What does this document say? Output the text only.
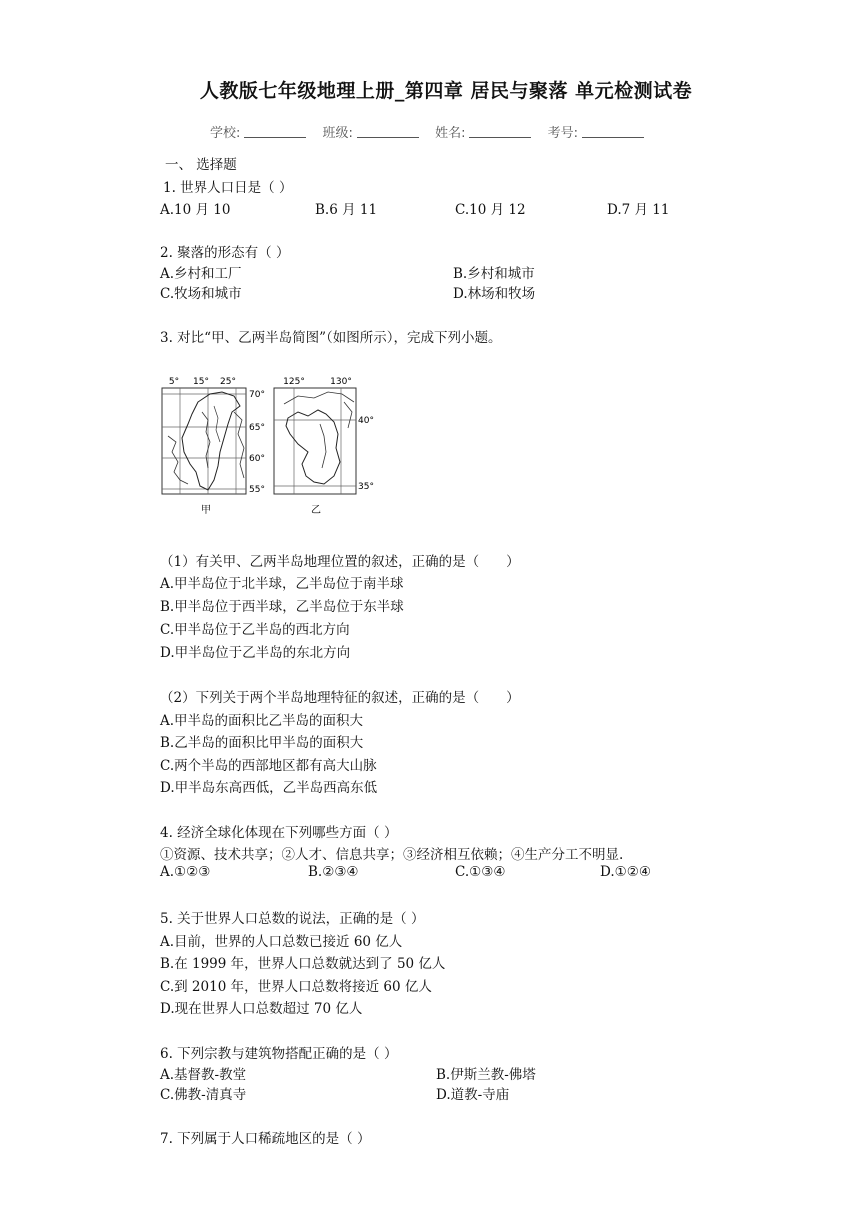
人教版七年级地理上册_第四章 居民与聚落 单元检测试卷
学校:	班级:	姓名:	考号:
一、 选择题
1. 世界人口日是（ ）
A.10 月 10	B.6 月 11	C.10 月 12	D.7 月 11
2. 聚落的形态有（ ）
A.乡村和工厂	B.乡村和城市
C.牧场和城市	D.林场和牧场
3. 对比“甲、乙两半岛简图”（如图所示），完成下列小题。
5° 15° 25°
70°
65°
60°
55°
甲
125°	130°
40°
35°
乙
（1）有关甲、乙两半岛地理位置的叙述，正确的是（　　）
A.甲半岛位于北半球，乙半岛位于南半球
B.甲半岛位于西半球，乙半岛位于东半球
C.甲半岛位于乙半岛的西北方向
D.甲半岛位于乙半岛的东北方向
（2）下列关于两个半岛地理特征的叙述，正确的是（　　）
A.甲半岛的面积比乙半岛的面积大
B.乙半岛的面积比甲半岛的面积大
C.两个半岛的西部地区都有高大山脉
D.甲半岛东高西低，乙半岛西高东低
4. 经济全球化体现在下列哪些方面（ ）
①资源、技术共享；②人才、信息共享；③经济相互依赖；④生产分工不明显.
A.①②③	B.②③④	C.①③④	D.①②④
5. 关于世界人口总数的说法，正确的是（ ）
A.目前，世界的人口总数已接近 60 亿人
B.在 1999 年，世界人口总数就达到了 50 亿人
C.到 2010 年，世界人口总数将接近 60 亿人
D.现在世界人口总数超过 70 亿人
6. 下列宗教与建筑物搭配正确的是（ ）
A.基督教-教堂	B.伊斯兰教-佛塔
C.佛教-清真寺	D.道教-寺庙
7. 下列属于人口稀疏地区的是（ ）
